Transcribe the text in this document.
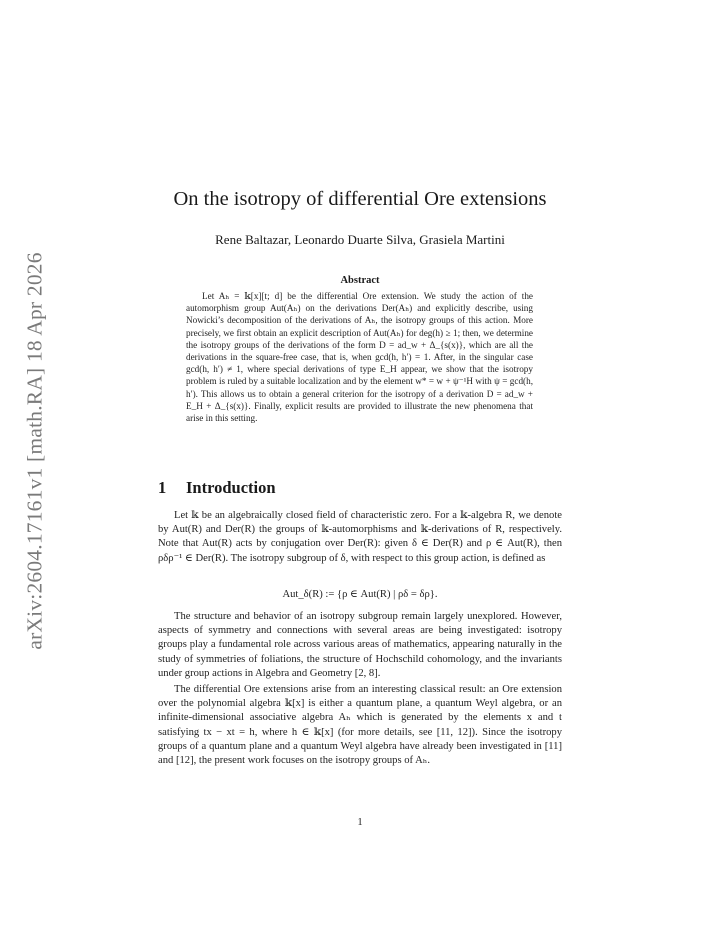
arXiv:2604.17161v1 [math.RA] 18 Apr 2026
On the isotropy of differential Ore extensions
Rene Baltazar, Leonardo Duarte Silva, Grasiela Martini
Abstract
Let Aₕ = 𝕜[x][t; d] be the differential Ore extension. We study the action of the automorphism group Aut(Aₕ) on the derivations Der(Aₕ) and explicitly describe, using Nowicki’s decomposition of the derivations of Aₕ, the isotropy groups of this action. More precisely, we first obtain an explicit description of Aut(Aₕ) for deg(h) ≥ 1; then, we determine the isotropy groups of the derivations of the form D = ad_w + Δ_{s(x)}, which are all the derivations in the square-free case, that is, when gcd(h, h′) = 1. After, in the singular case gcd(h, h′) ≠ 1, where special derivations of type E_H appear, we show that the isotropy problem is ruled by a suitable localization and by the element w* = w + ψ⁻¹H with ψ = gcd(h, h′). This allows us to obtain a general criterion for the isotropy of a derivation D = ad_w + E_H + Δ_{s(x)}. Finally, explicit results are provided to illustrate the new phenomena that arise in this setting.
1 Introduction
Let 𝕜 be an algebraically closed field of characteristic zero. For a 𝕜-algebra R, we denote by Aut(R) and Der(R) the groups of 𝕜-automorphisms and 𝕜-derivations of R, respectively. Note that Aut(R) acts by conjugation over Der(R): given δ ∈ Der(R) and ρ ∈ Aut(R), then ρδρ⁻¹ ∈ Der(R). The isotropy subgroup of δ, with respect to this group action, is defined as
Aut_δ(R) := {ρ ∈ Aut(R) | ρδ = δρ}.
The structure and behavior of an isotropy subgroup remain largely unexplored. However, aspects of symmetry and connections with several areas are being investigated: isotropy groups play a fundamental role across various areas of mathematics, appearing naturally in the study of symmetries of foliations, the structure of Hochschild cohomology, and the invariants under group actions in Algebra and Geometry [2, 8].
The differential Ore extensions arise from an interesting classical result: an Ore extension over the polynomial algebra 𝕜[x] is either a quantum plane, a quantum Weyl algebra, or an infinite-dimensional associative algebra Aₕ which is generated by the elements x and t satisfying tx − xt = h, where h ∈ 𝕜[x] (for more details, see [11, 12]). Since the isotropy groups of a quantum plane and a quantum Weyl algebra have already been investigated in [11] and [12], the present work focuses on the isotropy groups of Aₕ.
1
